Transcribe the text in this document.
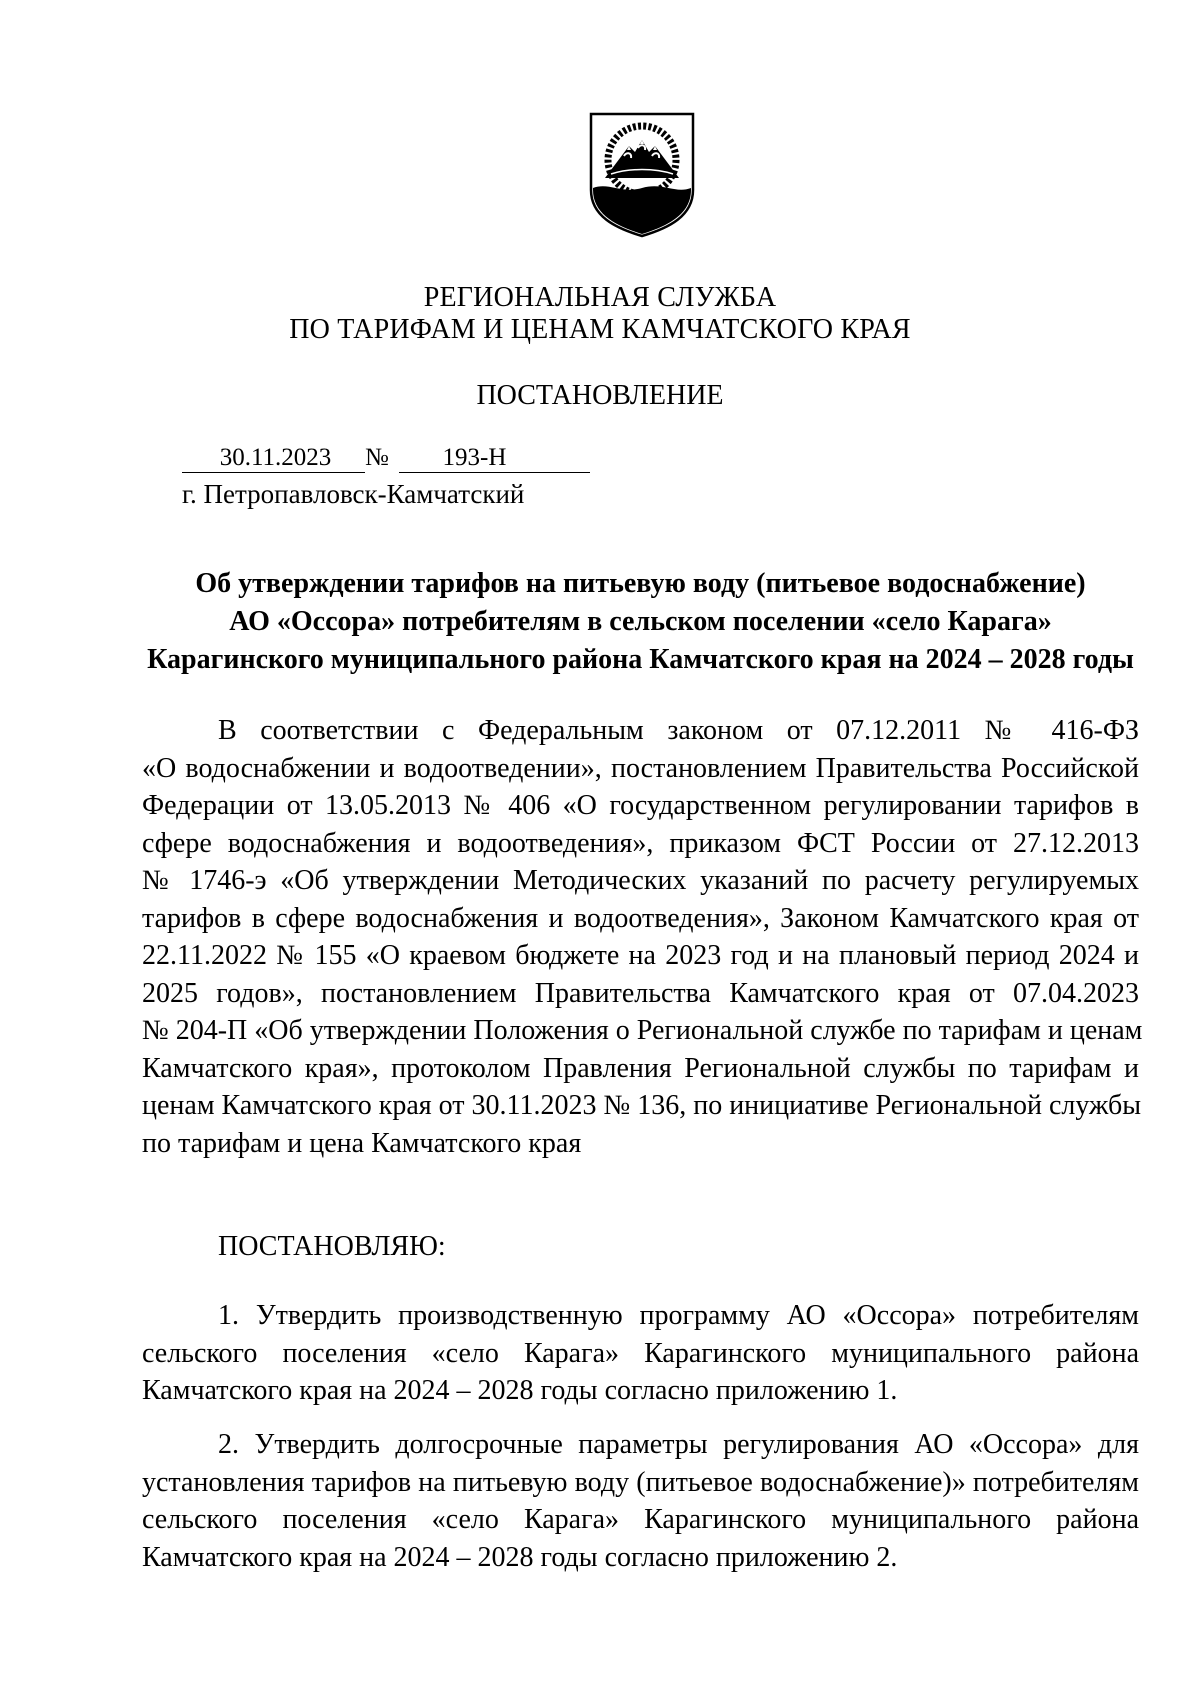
РЕГИОНАЛЬНАЯ СЛУЖБА
ПО ТАРИФАМ И ЦЕНАМ КАМЧАТСКОГО КРАЯ
ПОСТАНОВЛЕНИЕ
30.11.2023	№	193-Н
г. Петропавловск-Камчатский
Об утверждении тарифов на питьевую воду (питьевое водоснабжение)
АО «Оссора» потребителям в сельском поселении «село Карага»
Карагинского муниципального района Камчатского края на 2024 – 2028 годы
В соответствии с Федеральным законом от 07.12.2011 № 416-ФЗ
«О водоснабжении и водоотведении», постановлением Правительства Российской
Федерации от 13.05.2013 № 406 «О государственном регулировании тарифов в
сфере водоснабжения и водоотведения», приказом ФСТ России от 27.12.2013
№ 1746-э «Об утверждении Методических указаний по расчету регулируемых
тарифов в сфере водоснабжения и водоотведения», Законом Камчатского края от
22.11.2022 № 155 «О краевом бюджете на 2023 год и на плановый период 2024 и
2025 годов», постановлением Правительства Камчатского края от 07.04.2023
№ 204-П «Об утверждении Положения о Региональной службе по тарифам и ценам
Камчатского края», протоколом Правления Региональной службы по тарифам и
ценам Камчатского края от 30.11.2023 № 136, по инициативе Региональной службы
по тарифам и цена Камчатского края
ПОСТАНОВЛЯЮ:
1. Утвердить производственную программу АО «Оссора» потребителям
сельского поселения «село Карага» Карагинского муниципального района
Камчатского края на 2024 – 2028 годы согласно приложению 1.
2. Утвердить долгосрочные параметры регулирования АО «Оссора» для
установления тарифов на питьевую воду (питьевое водоснабжение)» потребителям
сельского поселения «село Карага» Карагинского муниципального района
Камчатского края на 2024 – 2028 годы согласно приложению 2.
